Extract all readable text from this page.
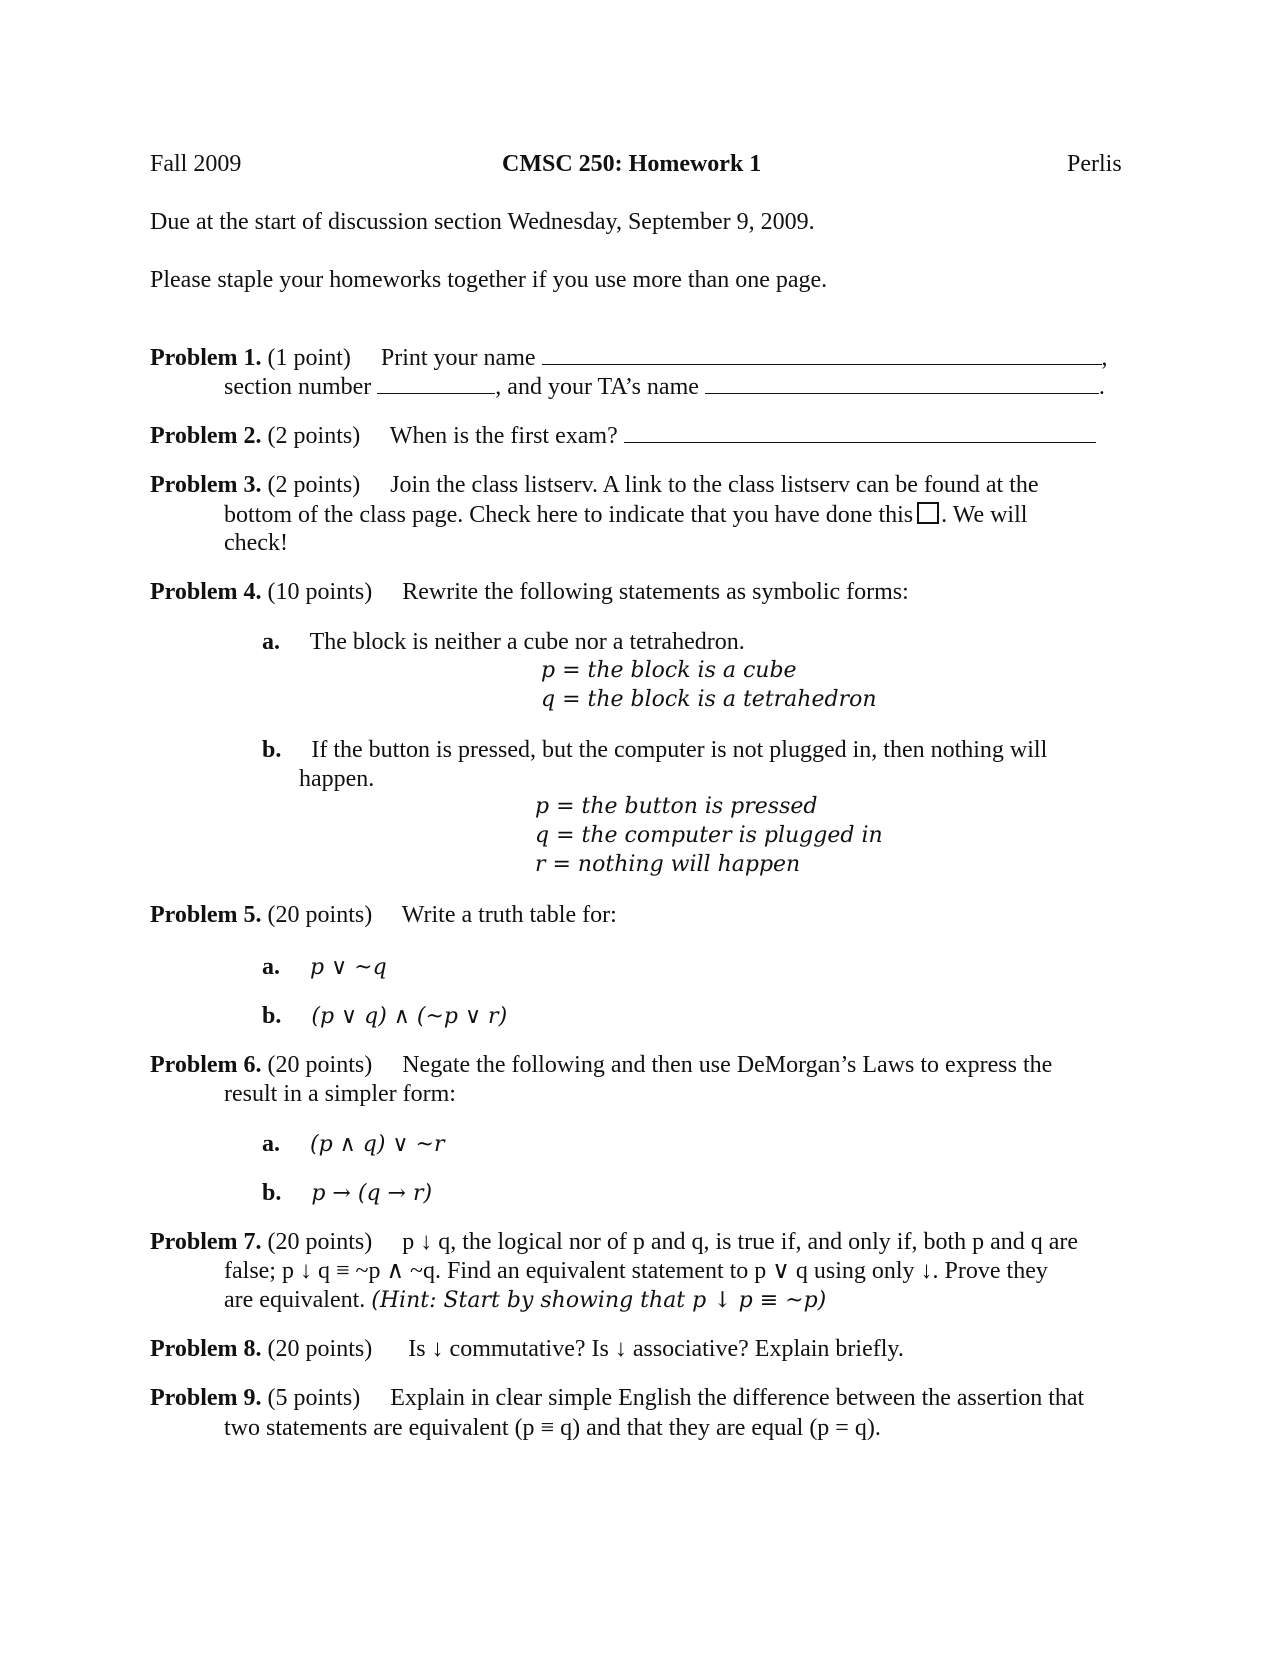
Fall 2009	CMSC 250: Homework 1	Perlis
Due at the start of discussion section Wednesday, September 9, 2009.
Please staple your homeworks together if you use more than one page.
Problem 1. (1 point) Print your name	,
section number	, and your TA’s name	.
Problem 2. (2 points) When is the first exam?
Problem 3. (2 points) Join the class listserv. A link to the class listserv can be found at the
bottom of the class page. Check here to indicate that you have done this . We will
check!
Problem 4. (10 points) Rewrite the following statements as symbolic forms:
a. The block is neither a cube nor a tetrahedron.
p = the block is a cube
q = the block is a tetrahedron
b. If the button is pressed, but the computer is not plugged in, then nothing will
happen.
p = the button is pressed
q = the computer is plugged in
r = nothing will happen
Problem 5. (20 points) Write a truth table for:
a. p ∨ ~q
b. (p ∨ q) ∧ (~p ∨ r)
Problem 6. (20 points) Negate the following and then use DeMorgan’s Laws to express the
result in a simpler form:
a. (p ∧ q) ∨ ~r
b. p → (q → r)
Problem 7. (20 points) p ↓ q, the logical nor of p and q, is true if, and only if, both p and q are
false; p ↓ q ≡ ~p ∧ ~q. Find an equivalent statement to p ∨ q using only ↓. Prove they
are equivalent. (Hint: Start by showing that p ↓ p ≡ ~p)
Problem 8. (20 points) Is ↓ commutative? Is ↓ associative? Explain briefly.
Problem 9. (5 points) Explain in clear simple English the difference between the assertion that
two statements are equivalent (p ≡ q) and that they are equal (p = q).
